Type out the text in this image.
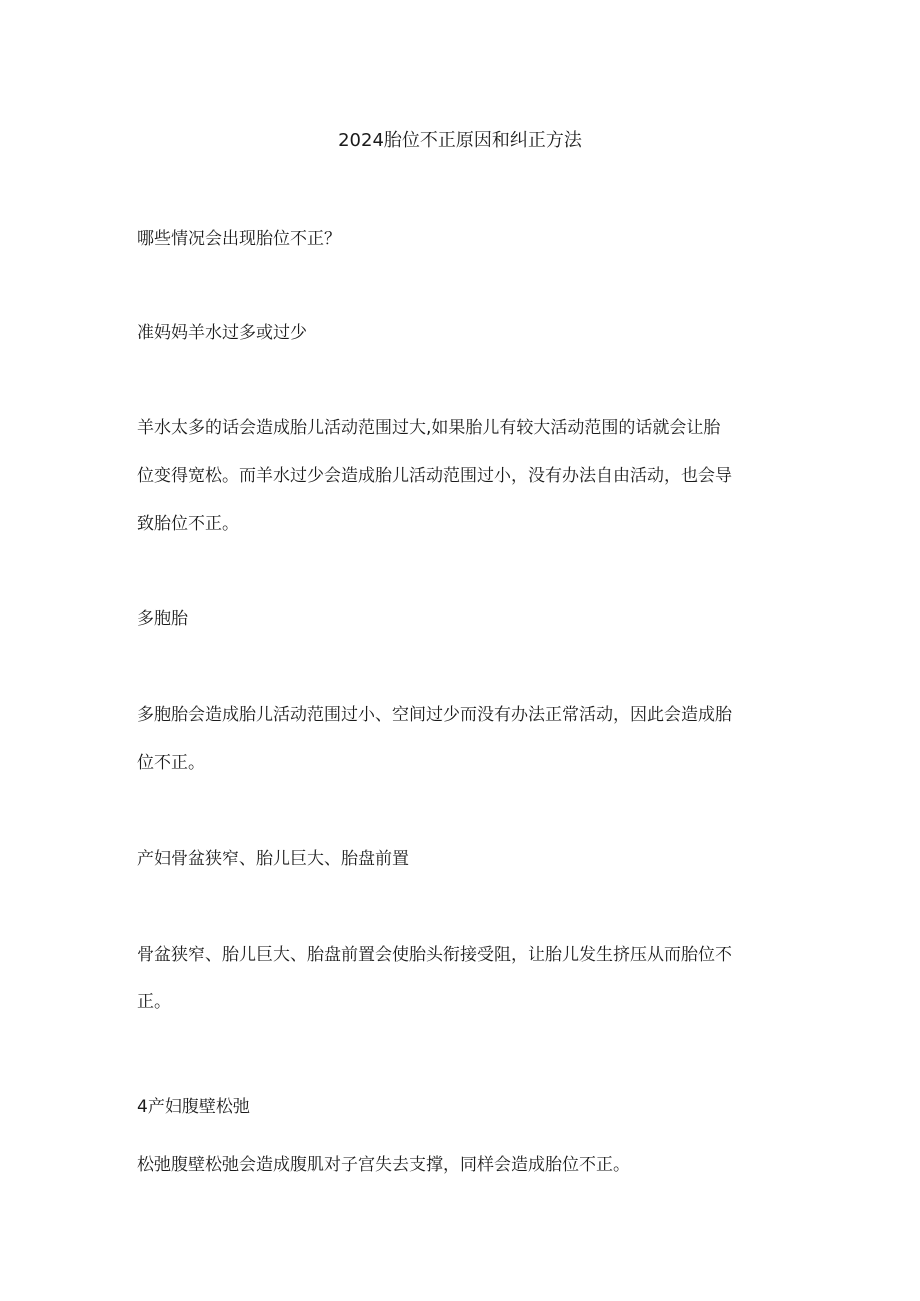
2024胎位不正原因和纠正方法

哪些情况会出现胎位不正？

准妈妈羊水过多或过少

羊水太多的话会造成胎儿活动范围过大,如果胎儿有较大活动范围的话就会让胎

位变得宽松。而羊水过少会造成胎儿活动范围过小，没有办法自由活动，也会导

致胎位不正。

多胞胎

多胞胎会造成胎儿活动范围过小、空间过少而没有办法正常活动，因此会造成胎

位不正。

产妇骨盆狭窄、胎儿巨大、胎盘前置

骨盆狭窄、胎儿巨大、胎盘前置会使胎头衔接受阻，让胎儿发生挤压从而胎位不

正。

4产妇腹壁松弛

松弛腹壁松弛会造成腹肌对子宫失去支撑，同样会造成胎位不正。
